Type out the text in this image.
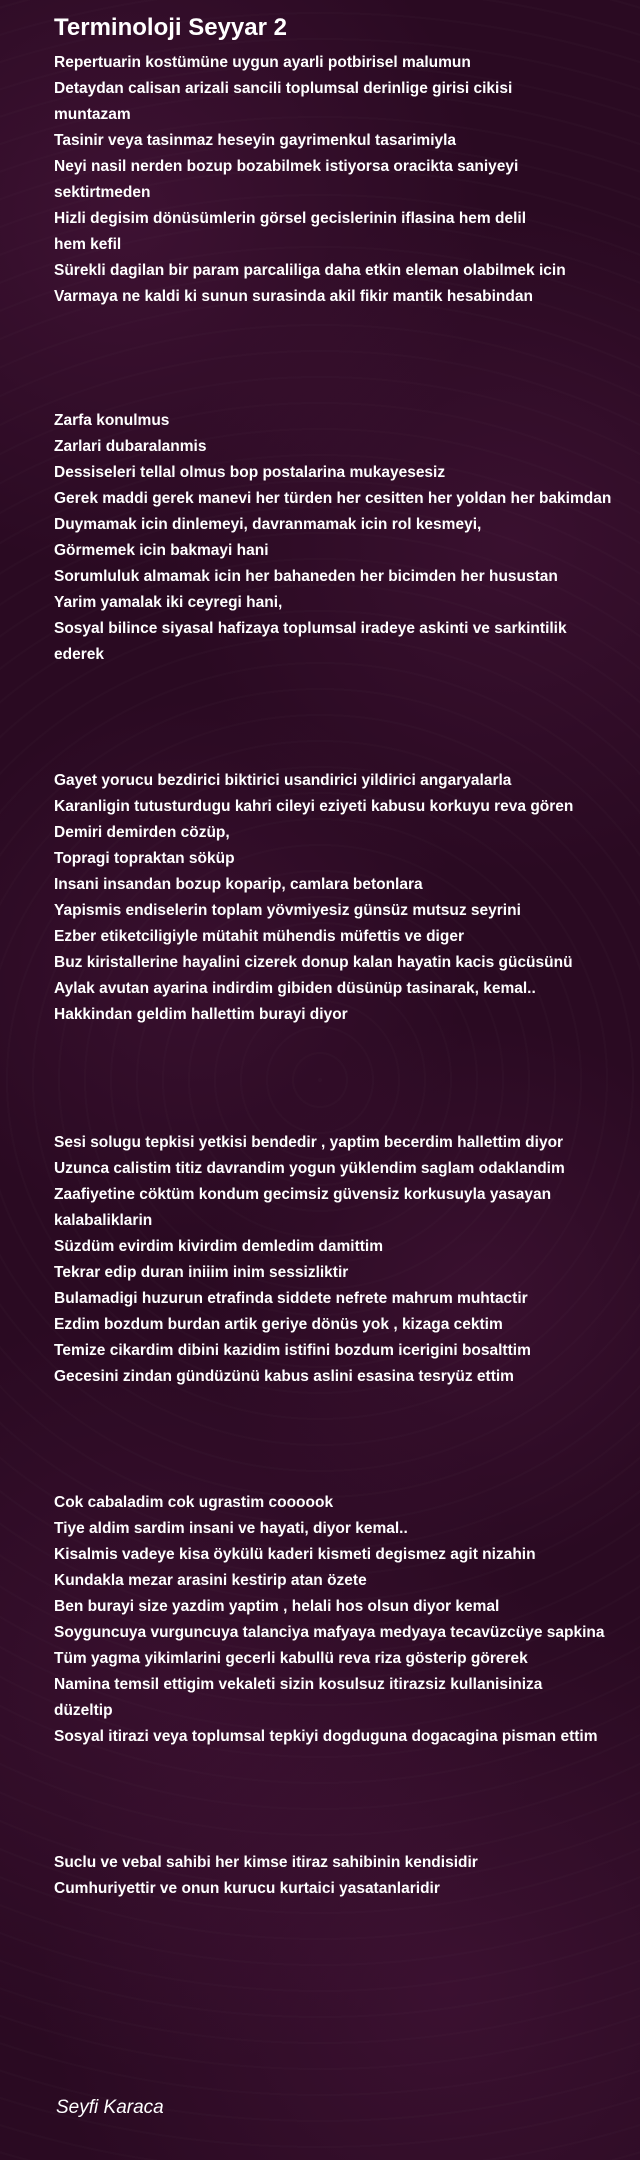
Terminoloji Seyyar 2
Repertuarin kostümüne uygun ayarli potbirisel malumun
Detaydan calisan arizali sancili toplumsal derinlige girisi cikisi
muntazam
Tasinir veya tasinmaz heseyin gayrimenkul tasarimiyla
Neyi nasil nerden bozup bozabilmek istiyorsa oracikta saniyeyi
sektirtmeden
Hizli degisim dönüsümlerin görsel gecislerinin iflasina hem delil
hem kefil
Sürekli dagilan bir param parcaliliga daha etkin eleman olabilmek icin
Varmaya ne kaldi ki sunun surasinda akil fikir mantik hesabindan
Zarfa konulmus
Zarlari dubaralanmis
Dessiseleri tellal olmus bop postalarina mukayesesiz
Gerek maddi gerek manevi her türden her cesitten her yoldan her bakimdan
Duymamak icin dinlemeyi, davranmamak icin rol kesmeyi,
Görmemek icin bakmayi hani
Sorumluluk almamak icin her bahaneden her bicimden her husustan
Yarim yamalak iki ceyregi hani,
Sosyal bilince siyasal hafizaya toplumsal iradeye askinti ve sarkintilik
ederek
Gayet yorucu bezdirici biktirici usandirici yildirici angaryalarla
Karanligin tutusturdugu kahri cileyi eziyeti kabusu korkuyu reva gören
Demiri demirden cözüp,
Topragi topraktan söküp
Insani insandan bozup koparip, camlara betonlara
Yapismis endiselerin toplam yövmiyesiz günsüz mutsuz seyrini
Ezber etiketciligiyle mütahit mühendis müfettis ve diger
Buz kiristallerine hayalini cizerek donup kalan hayatin kacis gücüsünü
Aylak avutan ayarina indirdim gibiden düsünüp tasinarak, kemal..
Hakkindan geldim hallettim burayi diyor
Sesi solugu tepkisi yetkisi bendedir , yaptim becerdim hallettim diyor
Uzunca calistim titiz davrandim yogun yüklendim saglam odaklandim
Zaafiyetine cöktüm kondum gecimsiz güvensiz korkusuyla yasayan
kalabaliklarin
Süzdüm evirdim kivirdim demledim damittim
Tekrar edip duran iniiim inim sessizliktir
Bulamadigi huzurun etrafinda siddete nefrete mahrum muhtactir
Ezdim bozdum burdan artik geriye dönüs yok , kizaga cektim
Temize cikardim dibini kazidim istifini bozdum icerigini bosalttim
Gecesini zindan gündüzünü kabus aslini esasina tesryüz ettim
Cok cabaladim cok ugrastim coooook
Tiye aldim sardim insani ve hayati, diyor kemal..
Kisalmis vadeye kisa öykülü kaderi kismeti degismez agit nizahin
Kundakla mezar arasini kestirip atan özete
Ben burayi size yazdim yaptim , helali hos olsun diyor kemal
Soyguncuya vurguncuya talanciya mafyaya medyaya tecavüzcüye sapkina
Tüm yagma yikimlarini gecerli kabullü reva riza gösterip görerek
Namina temsil ettigim vekaleti sizin kosulsuz itirazsiz kullanisiniza
düzeltip
Sosyal itirazi veya toplumsal tepkiyi dogduguna dogacagina pisman ettim
Suclu ve vebal sahibi her kimse itiraz sahibinin kendisidir
Cumhuriyettir ve onun kurucu kurtaici yasatanlaridir
Seyfi Karaca
